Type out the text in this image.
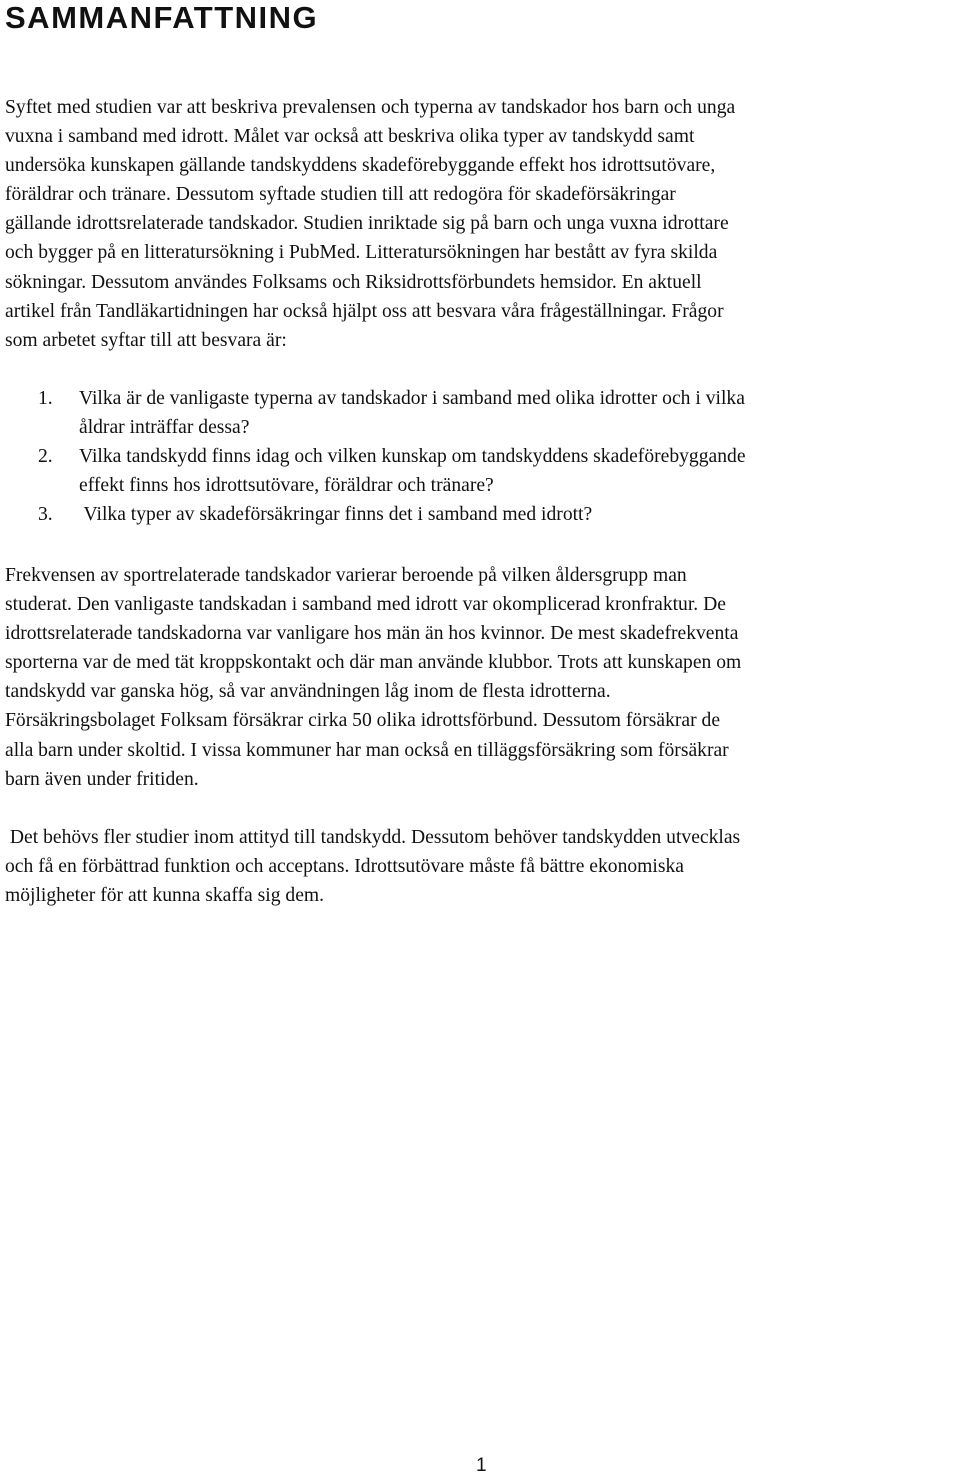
SAMMANFATTNING

Syftet med studien var att beskriva prevalensen och typerna av tandskador hos barn och unga
vuxna i samband med idrott. Målet var också att beskriva olika typer av tandskydd samt
undersöka kunskapen gällande tandskyddens skadeförebyggande effekt hos idrottsutövare,
föräldrar och tränare. Dessutom syftade studien till att redogöra för skadeförsäkringar
gällande idrottsrelaterade tandskador. Studien inriktade sig på barn och unga vuxna idrottare
och bygger på en litteratursökning i PubMed. Litteratursökningen har bestått av fyra skilda
sökningar. Dessutom användes Folksams och Riksidrottsförbundets hemsidor. En aktuell
artikel från Tandläkartidningen har också hjälpt oss att besvara våra frågeställningar. Frågor
som arbetet syftar till att besvara är:

1. Vilka är de vanligaste typerna av tandskador i samband med olika idrotter och i vilka
åldrar inträffar dessa?
2. Vilka tandskydd finns idag och vilken kunskap om tandskyddens skadeförebyggande
effekt finns hos idrottsutövare, föräldrar och tränare?
3. Vilka typer av skadeförsäkringar finns det i samband med idrott?

Frekvensen av sportrelaterade tandskador varierar beroende på vilken åldersgrupp man
studerat. Den vanligaste tandskadan i samband med idrott var okomplicerad kronfraktur. De
idrottsrelaterade tandskadorna var vanligare hos män än hos kvinnor. De mest skadefrekventa
sporterna var de med tät kroppskontakt och där man använde klubbor. Trots att kunskapen om
tandskydd var ganska hög, så var användningen låg inom de flesta idrotterna.
Försäkringsbolaget Folksam försäkrar cirka 50 olika idrottsförbund. Dessutom försäkrar de
alla barn under skoltid. I vissa kommuner har man också en tilläggsförsäkring som försäkrar
barn även under fritiden.

Det behövs fler studier inom attityd till tandskydd. Dessutom behöver tandskydden utvecklas
och få en förbättrad funktion och acceptans. Idrottsutövare måste få bättre ekonomiska
möjligheter för att kunna skaffa sig dem.

1
